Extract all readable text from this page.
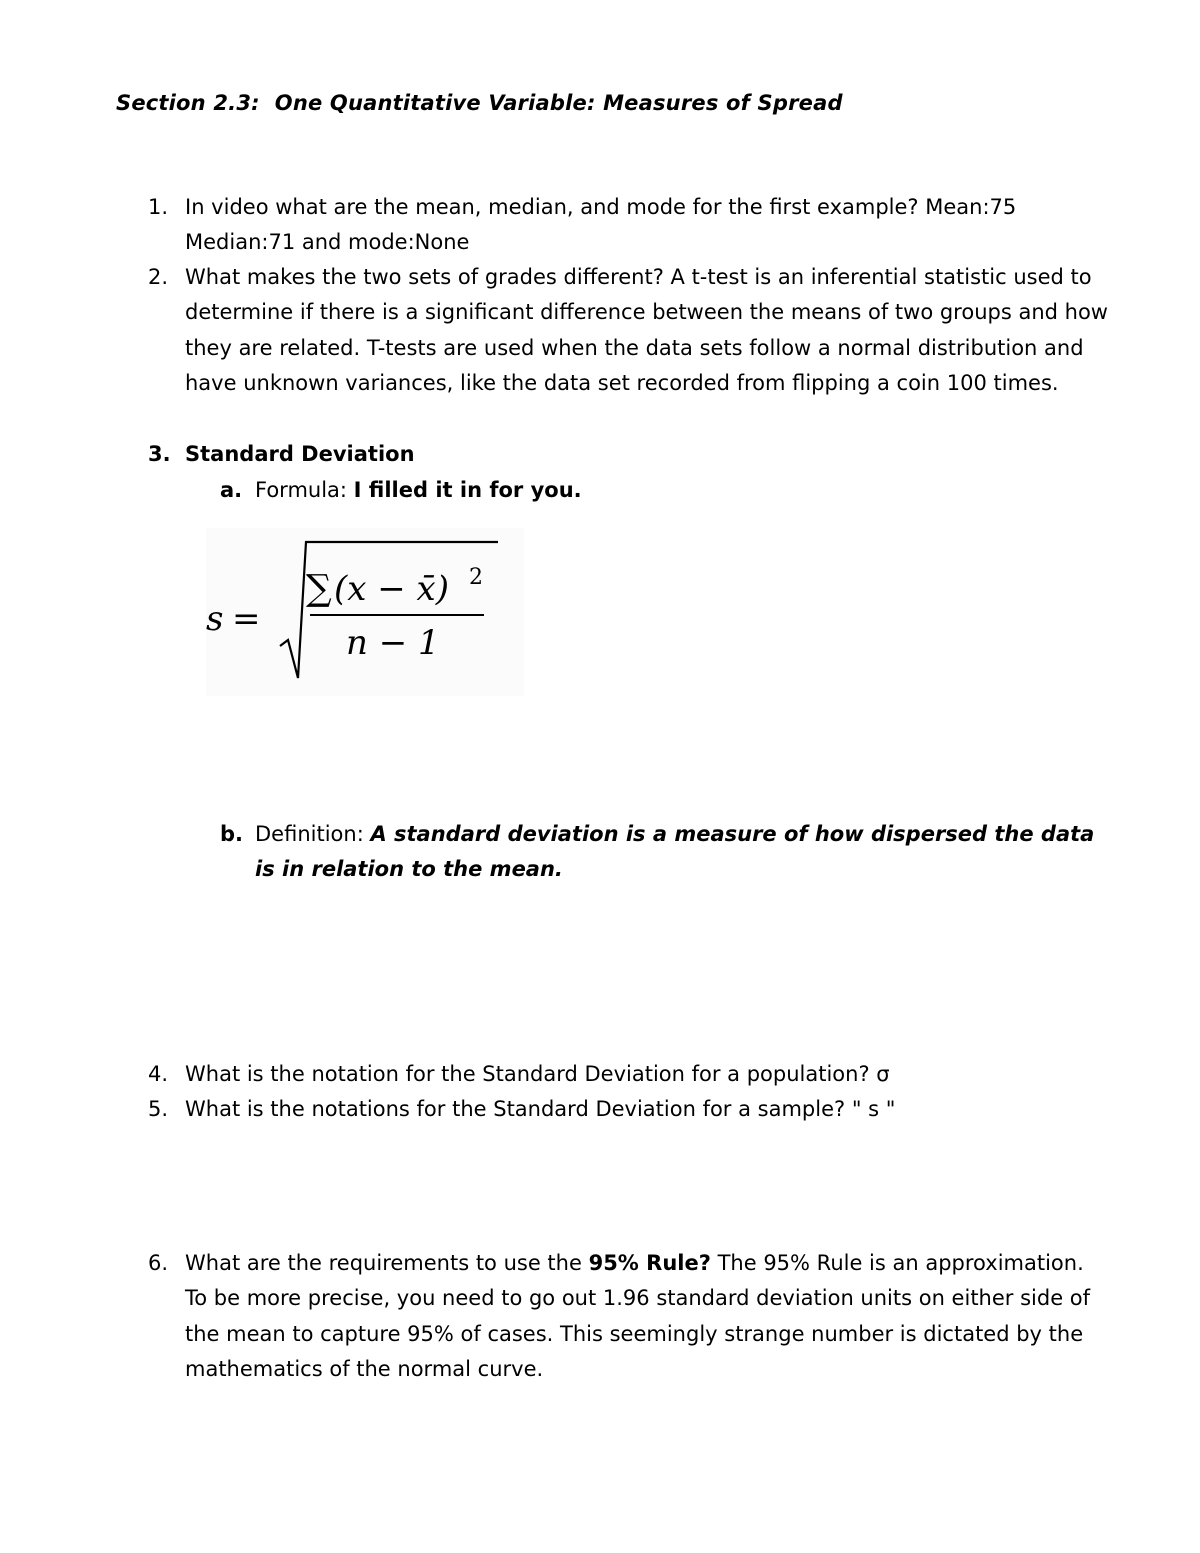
Section 2.3:  One Quantitative Variable: Measures of Spread
1. In video what are the mean, median, and mode for the first example? Mean:75 Median:71 and mode:None
2. What makes the two sets of grades different? A t-test is an inferential statistic used to determine if there is a significant difference between the means of two groups and how they are related. T-tests are used when the data sets follow a normal distribution and have unknown variances, like the data set recorded from flipping a coin 100 times.
3. Standard Deviation
a. Formula: I filled it in for you.
s =
∑ (x − x̄) 2
n − 1
b. Definition: A standard deviation is a measure of how dispersed the data is in relation to the mean.
4. What is the notation for the Standard Deviation for a population? σ
5. What is the notations for the Standard Deviation for a sample? " s "
6. What are the requirements to use the 95% Rule? The 95% Rule is an approximation. To be more precise, you need to go out 1.96 standard deviation units on either side of the mean to capture 95% of cases. This seemingly strange number is dictated by the mathematics of the normal curve.
